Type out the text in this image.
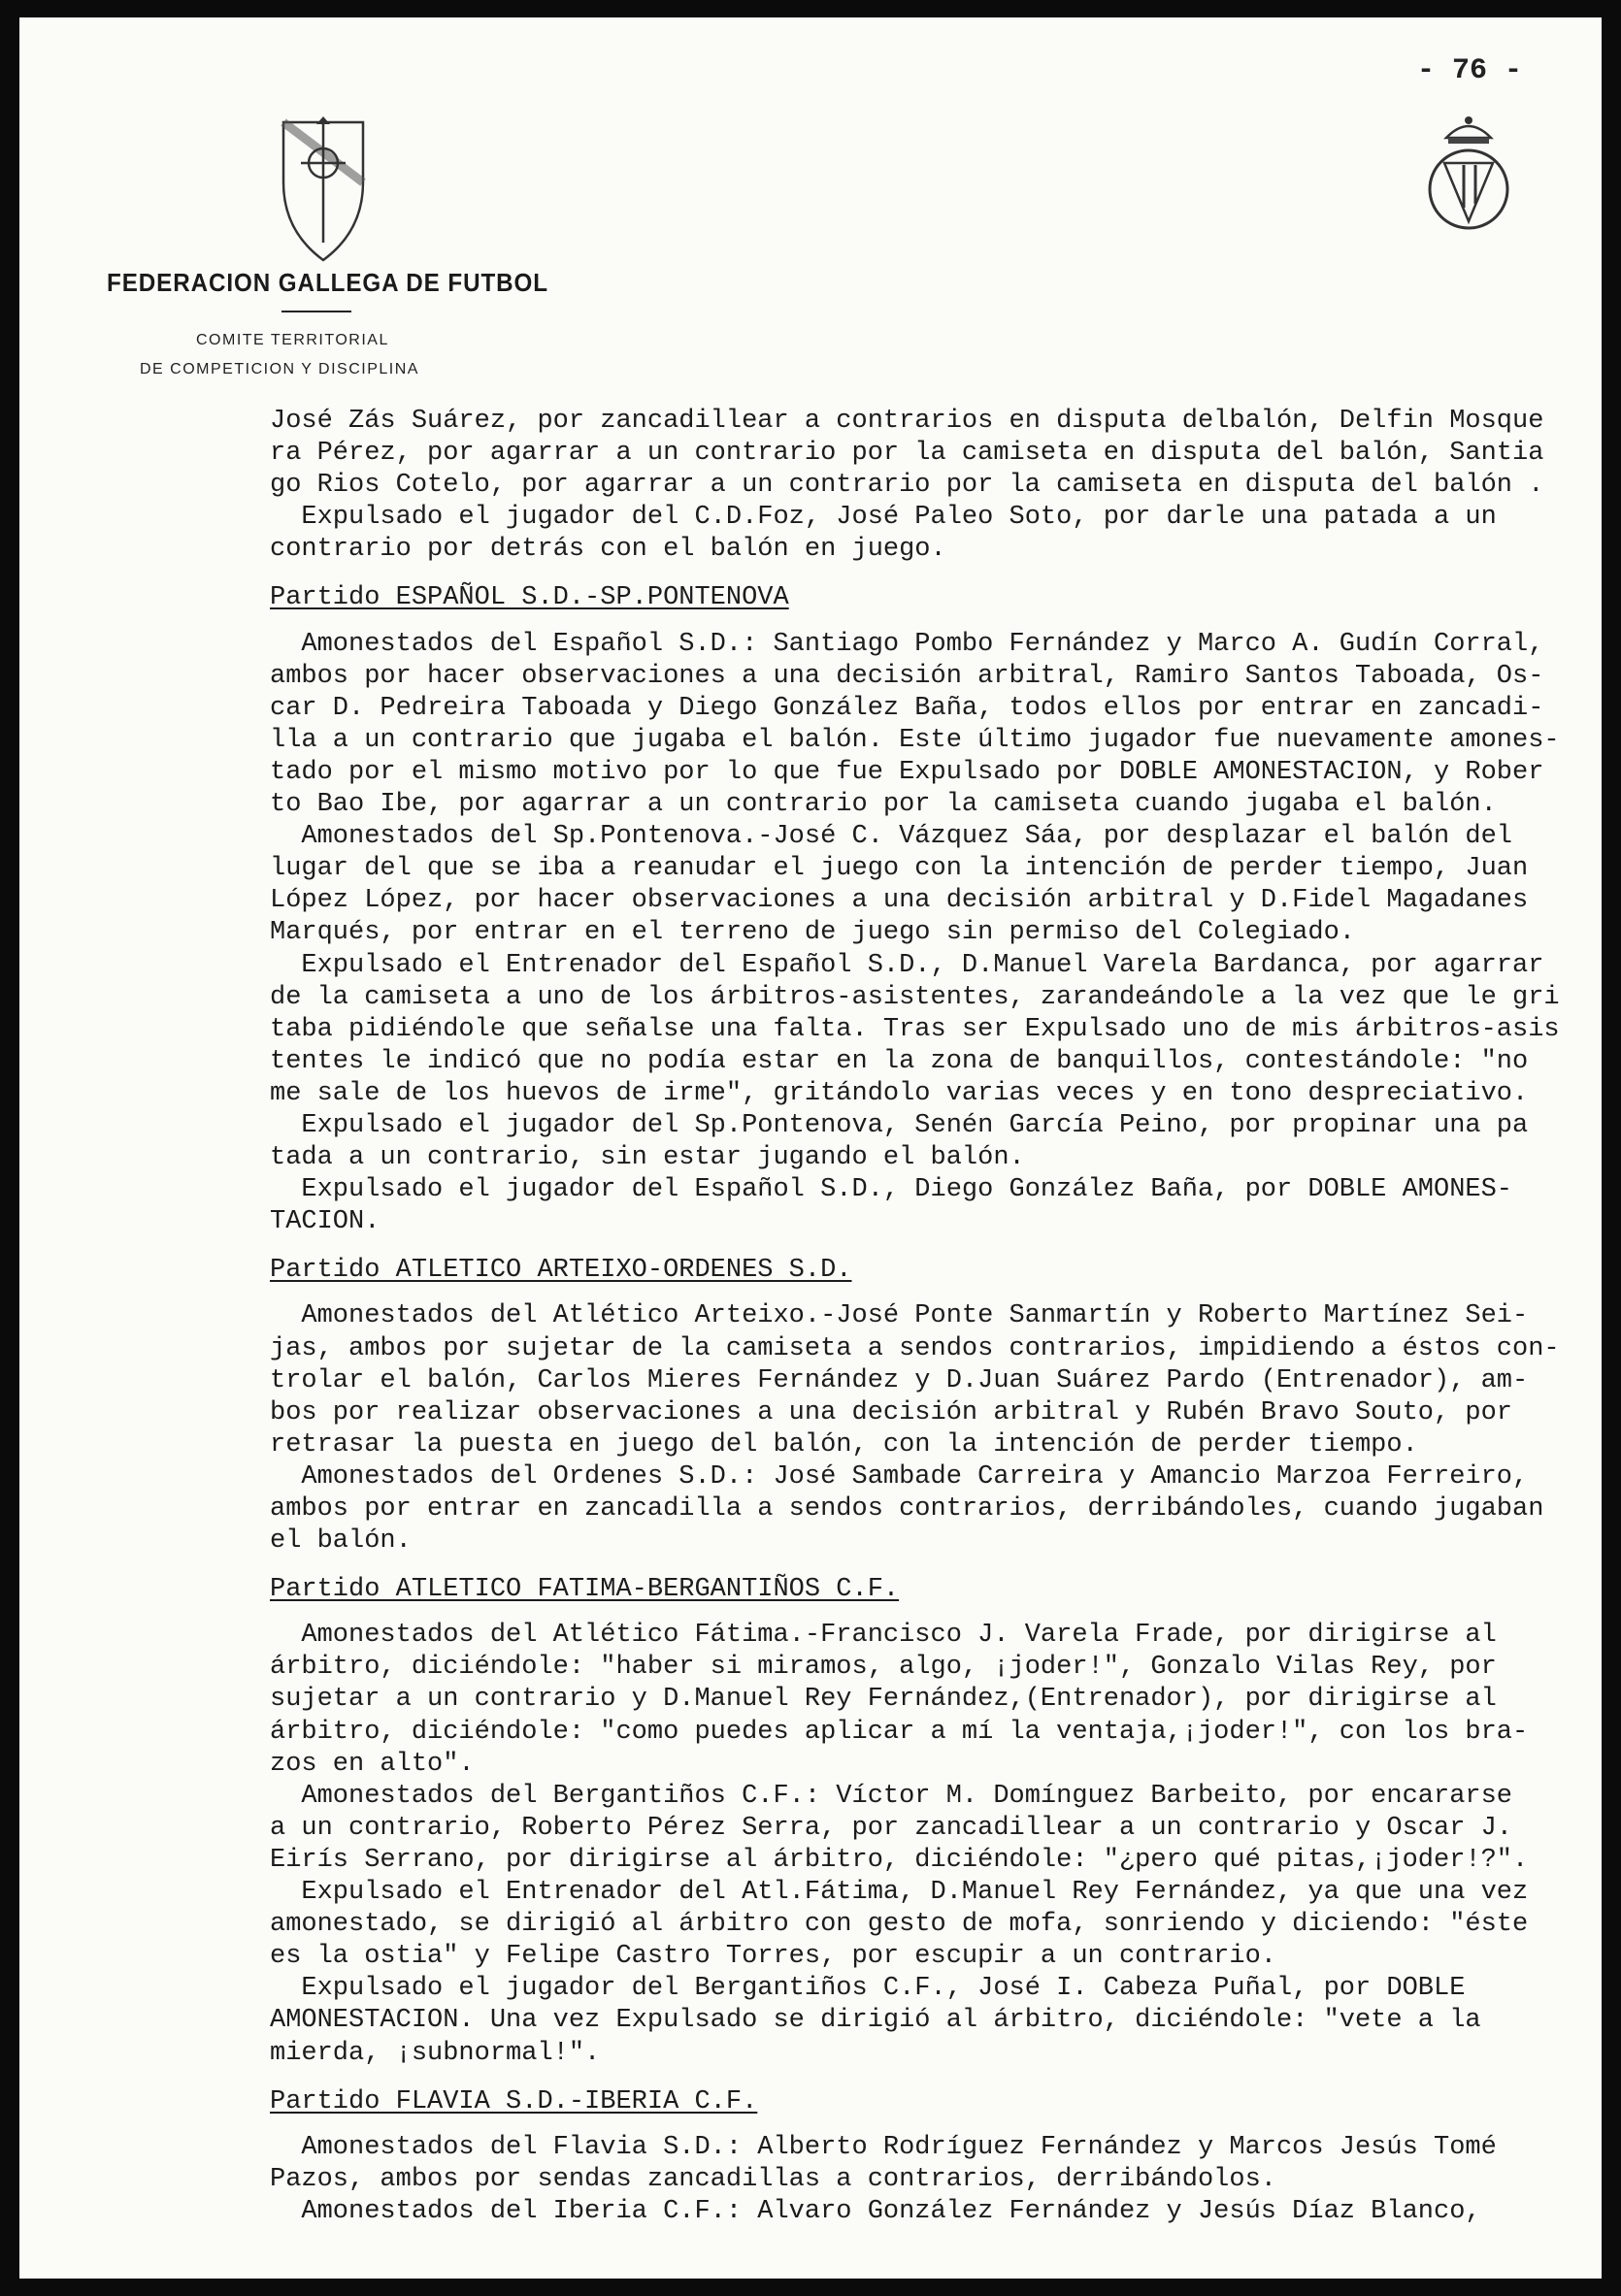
- 76 -
FEDERACION GALLEGA DE FUTBOL
COMITE TERRITORIAL
DE COMPETICION Y DISCIPLINA
José Zás Suárez, por zancadillear a contrarios en disputa delbalón, Delfin Mosque
ra Pérez, por agarrar a un contrario por la camiseta en disputa del balón, Santia
go Rios Cotelo, por agarrar a un contrario por la camiseta en disputa del balón .
Expulsado el jugador del C.D.Foz, José Paleo Soto, por darle una patada a un
contrario por detrás con el balón en juego.
Partido ESPAÑOL S.D.-SP.PONTENOVA
Amonestados del Español S.D.: Santiago Pombo Fernández y Marco A. Gudín Corral,
ambos por hacer observaciones a una decisión arbitral, Ramiro Santos Taboada, Os-
car D. Pedreira Taboada y Diego González Baña, todos ellos por entrar en zancadi-
lla a un contrario que jugaba el balón. Este último jugador fue nuevamente amones-
tado por el mismo motivo por lo que fue Expulsado por DOBLE AMONESTACION, y Rober
to Bao Ibe, por agarrar a un contrario por la camiseta cuando jugaba el balón.
Amonestados del Sp.Pontenova.-José C. Vázquez Sáa, por desplazar el balón del
lugar del que se iba a reanudar el juego con la intención de perder tiempo, Juan
López López, por hacer observaciones a una decisión arbitral y D.Fidel Magadanes
Marqués, por entrar en el terreno de juego sin permiso del Colegiado.
Expulsado el Entrenador del Español S.D., D.Manuel Varela Bardanca, por agarrar
de la camiseta a uno de los árbitros-asistentes, zarandeándole a la vez que le gri
taba pidiéndole que señalse una falta. Tras ser Expulsado uno de mis árbitros-asis
tentes le indicó que no podía estar en la zona de banquillos, contestándole: "no
me sale de los huevos de irme", gritándolo varias veces y en tono despreciativo.
Expulsado el jugador del Sp.Pontenova, Senén García Peino, por propinar una pa
tada a un contrario, sin estar jugando el balón.
Expulsado el jugador del Español S.D., Diego González Baña, por DOBLE AMONES-
TACION.
Partido ATLETICO ARTEIXO-ORDENES S.D.
Amonestados del Atlético Arteixo.-José Ponte Sanmartín y Roberto Martínez Sei-
jas, ambos por sujetar de la camiseta a sendos contrarios, impidiendo a éstos con-
trolar el balón, Carlos Mieres Fernández y D.Juan Suárez Pardo (Entrenador), am-
bos por realizar observaciones a una decisión arbitral y Rubén Bravo Souto, por
retrasar la puesta en juego del balón, con la intención de perder tiempo.
Amonestados del Ordenes S.D.: José Sambade Carreira y Amancio Marzoa Ferreiro,
ambos por entrar en zancadilla a sendos contrarios, derribándoles, cuando jugaban
el balón.
Partido ATLETICO FATIMA-BERGANTIÑOS C.F.
Amonestados del Atlético Fátima.-Francisco J. Varela Frade, por dirigirse al
árbitro, diciéndole: "haber si miramos, algo, ¡joder!", Gonzalo Vilas Rey, por
sujetar a un contrario y D.Manuel Rey Fernández,(Entrenador), por dirigirse al
árbitro, diciéndole: "como puedes aplicar a mí la ventaja,¡joder!", con los bra-
zos en alto".
Amonestados del Bergantiños C.F.: Víctor M. Domínguez Barbeito, por encararse
a un contrario, Roberto Pérez Serra, por zancadillear a un contrario y Oscar J.
Eirís Serrano, por dirigirse al árbitro, diciéndole: "¿pero qué pitas,¡joder!?".
Expulsado el Entrenador del Atl.Fátima, D.Manuel Rey Fernández, ya que una vez
amonestado, se dirigió al árbitro con gesto de mofa, sonriendo y diciendo: "éste
es la ostia" y Felipe Castro Torres, por escupir a un contrario.
Expulsado el jugador del Bergantiños C.F., José I. Cabeza Puñal, por DOBLE
AMONESTACION. Una vez Expulsado se dirigió al árbitro, diciéndole: "vete a la
mierda, ¡subnormal!".
Partido FLAVIA S.D.-IBERIA C.F.
Amonestados del Flavia S.D.: Alberto Rodríguez Fernández y Marcos Jesús Tomé
Pazos, ambos por sendas zancadillas a contrarios, derribándolos.
Amonestados del Iberia C.F.: Alvaro González Fernández y Jesús Díaz Blanco,
